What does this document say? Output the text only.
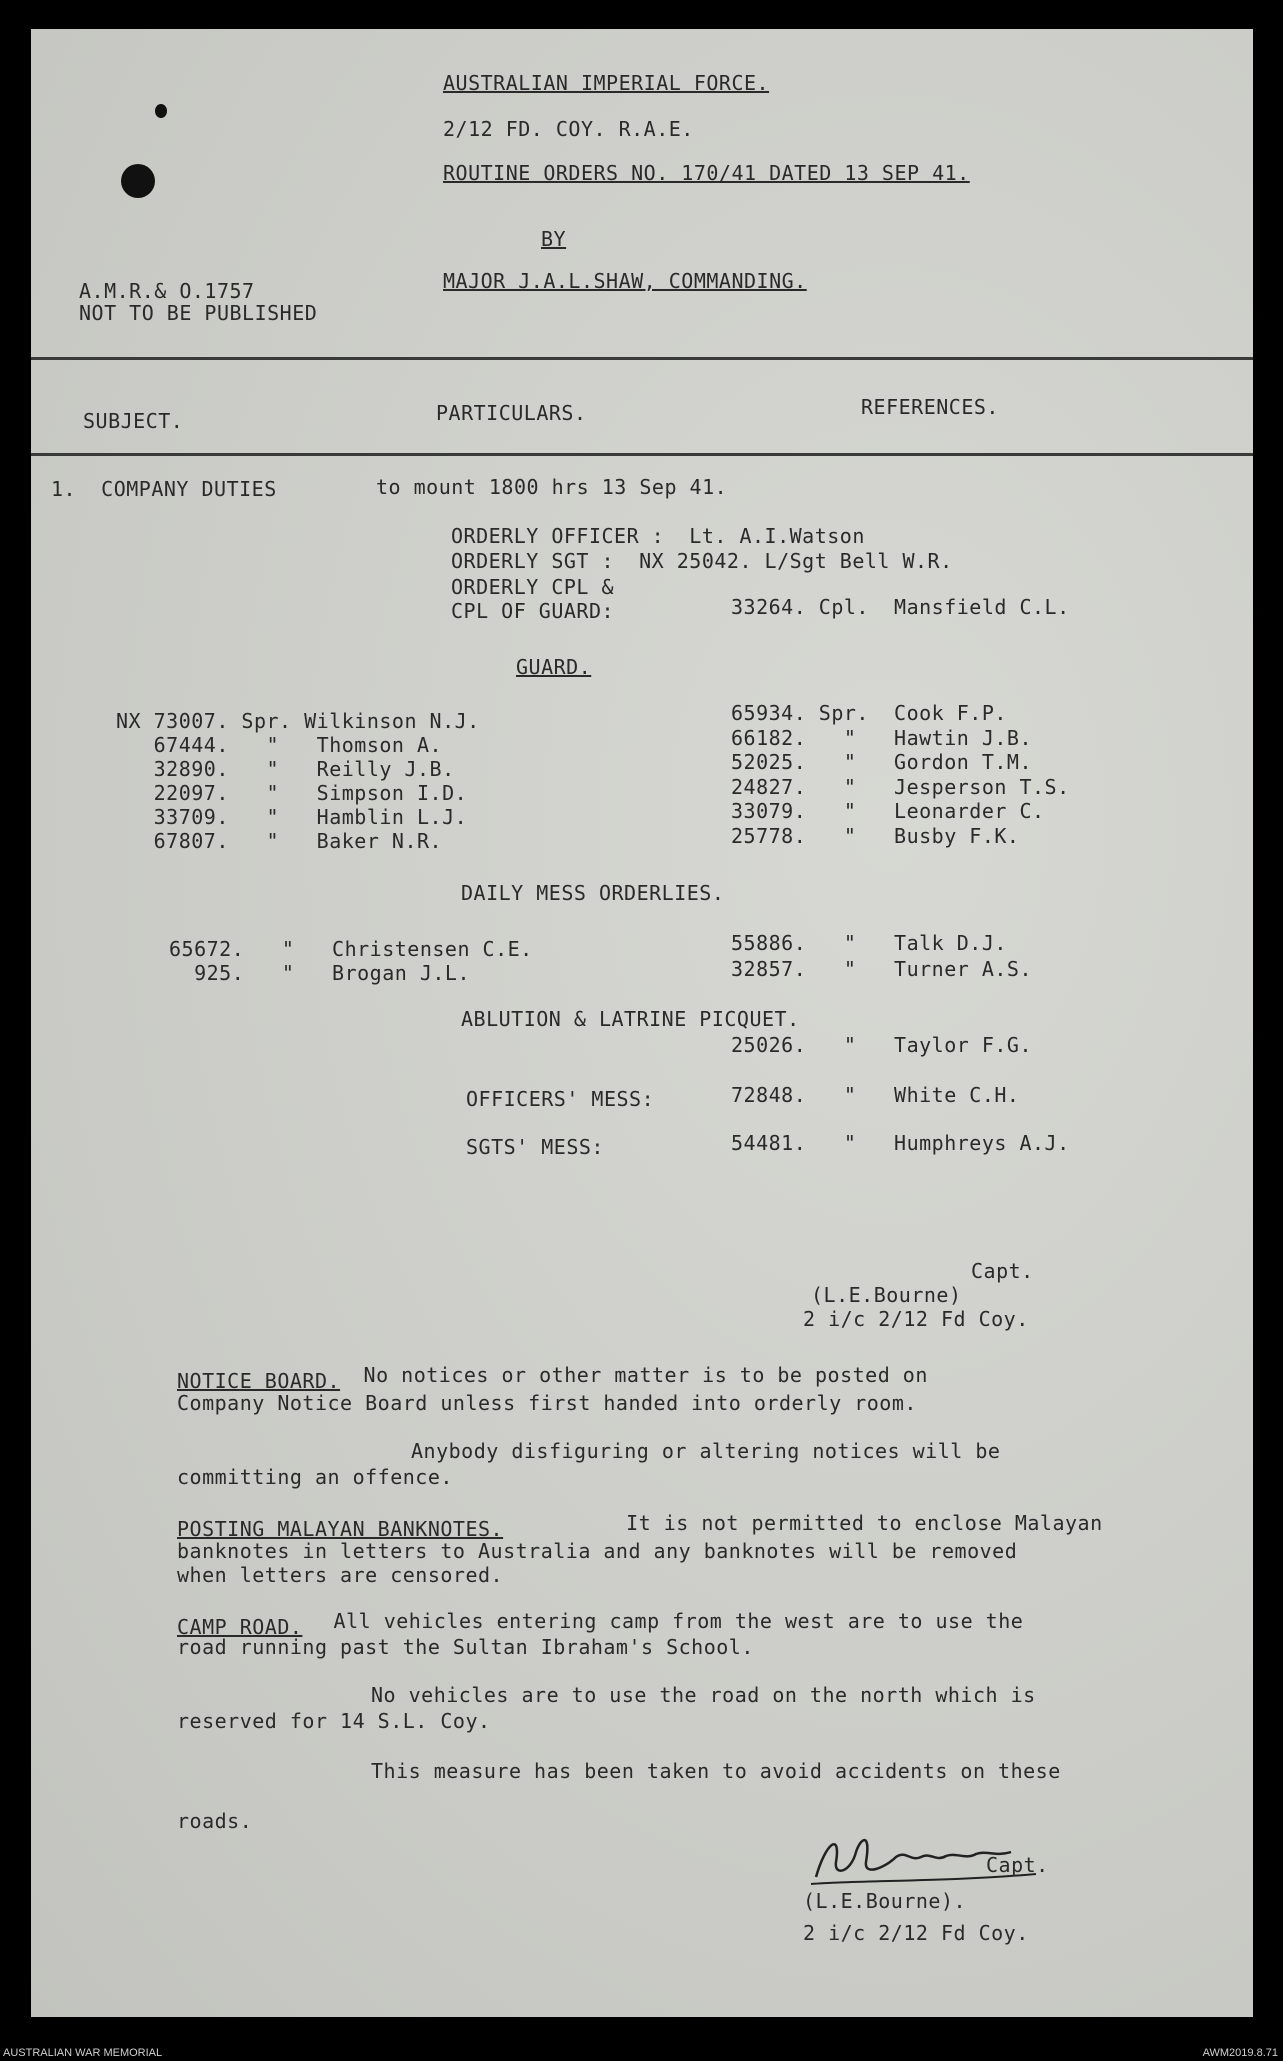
AUSTRALIAN IMPERIAL FORCE.
2/12 FD. COY. R.A.E.
ROUTINE ORDERS NO. 170/41 DATED 13 SEP 41.
BY
MAJOR J.A.L.SHAW, COMMANDING.
A.M.R.& O.1757
NOT TO BE PUBLISHED
SUBJECT.	PARTICULARS.	REFERENCES.
1.  COMPANY DUTIES	to mount 1800 hrs 13 Sep 41.
ORDERLY OFFICER :  Lt. A.I.Watson
ORDERLY SGT :  NX 25042. L/Sgt Bell W.R.
ORDERLY CPL &
CPL OF GUARD:	33264. Cpl.  Mansfield C.L.
GUARD.
NX 73007. Spr. Wilkinson N.J.
67444.   "   Thomson A.
32890.   "   Reilly J.B.
22097.   "   Simpson I.D.
33709.   "   Hamblin L.J.
67807.   "   Baker N.R.
65934. Spr.  Cook F.P.
66182.   "   Hawtin J.B.
52025.   "   Gordon T.M.
24827.   "   Jesperson T.S.
33079.   "   Leonarder C.
25778.   "   Busby F.K.
DAILY MESS ORDERLIES.
65672.   "   Christensen C.E.
925.   "   Brogan J.L.
55886.   "   Talk D.J.
32857.   "   Turner A.S.
ABLUTION & LATRINE PICQUET.
25026.   "   Taylor F.G.
OFFICERS' MESS:	72848.   "   White C.H.
SGTS' MESS:	54481.   "   Humphreys A.J.
Capt.
(L.E.Bourne)
2 i/c 2/12 Fd Coy.
NOTICE BOARD. No notices or other matter is to be posted on
Company Notice Board unless first handed into orderly room.
Anybody disfiguring or altering notices will be
committing an offence.
POSTING MALAYAN BANKNOTES.	It is not permitted to enclose Malayan
banknotes in letters to Australia and any banknotes will be removed
when letters are censored.
CAMP ROAD. All vehicles entering camp from the west are to use the
road running past the Sultan Ibraham's School.
No vehicles are to use the road on the north which is
reserved for 14 S.L. Coy.
This measure has been taken to avoid accidents on these
roads.
Capt.
(L.E.Bourne).
2 i/c 2/12 Fd Coy.
AUSTRALIAN WAR MEMORIAL	AWM2019.8.71
